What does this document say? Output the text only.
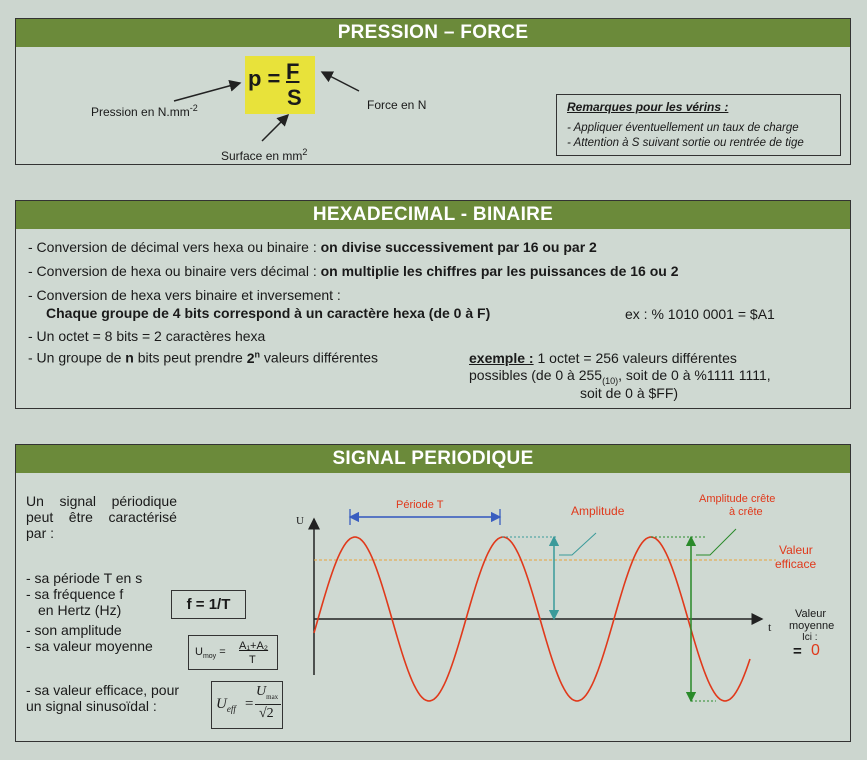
PRESSION – FORCE
p = F
S
Pression en $N.mm^{-2}$	Force en N
Surface en $mm^2$
Remarques pour les vérins :
- Appliquer éventuellement un taux de charge
- Attention à S suivant sortie ou rentrée de tige
HEXADECIMAL - BINAIRE
- Conversion de décimal vers hexa ou binaire : on divise successivement par 16 ou par 2
- Conversion de hexa ou binaire vers décimal : on multiplie les chiffres par les puissances de 16 ou 2
- Conversion de hexa vers binaire et inversement :
Chaque groupe de 4 bits correspond à un caractère hexa (de 0 à F)	ex : % 1010 0001 = $A1
- Un octet = 8 bits = 2 caractères hexa
- Un groupe de n bits peut prendre 2$^n$ valeurs différentes	exemple : 1 octet = 256 valeurs différentes
possibles (de 0 à $255_{(10)}$, soit de 0 à %1111 1111,
soit de 0 à $FF)
SIGNAL PERIODIQUE
Un    signal    périodique
peut    être    caractérisé
par :
- sa période T en s
- sa fréquence f
en Hertz (Hz)
- son amplitude
- sa valeur moyenne
- sa valeur efficace, pour
un signal sinusoïdal :
f = 1/T
$U_{moy} = A_1+A_2$
T
$U_{eff}$ =
$U_{max}$
√2
U
t
Période T	Amplitude
Amplitude crête
à crête
Valeur
efficace
Valeur
moyenne
Ici :
= 0
